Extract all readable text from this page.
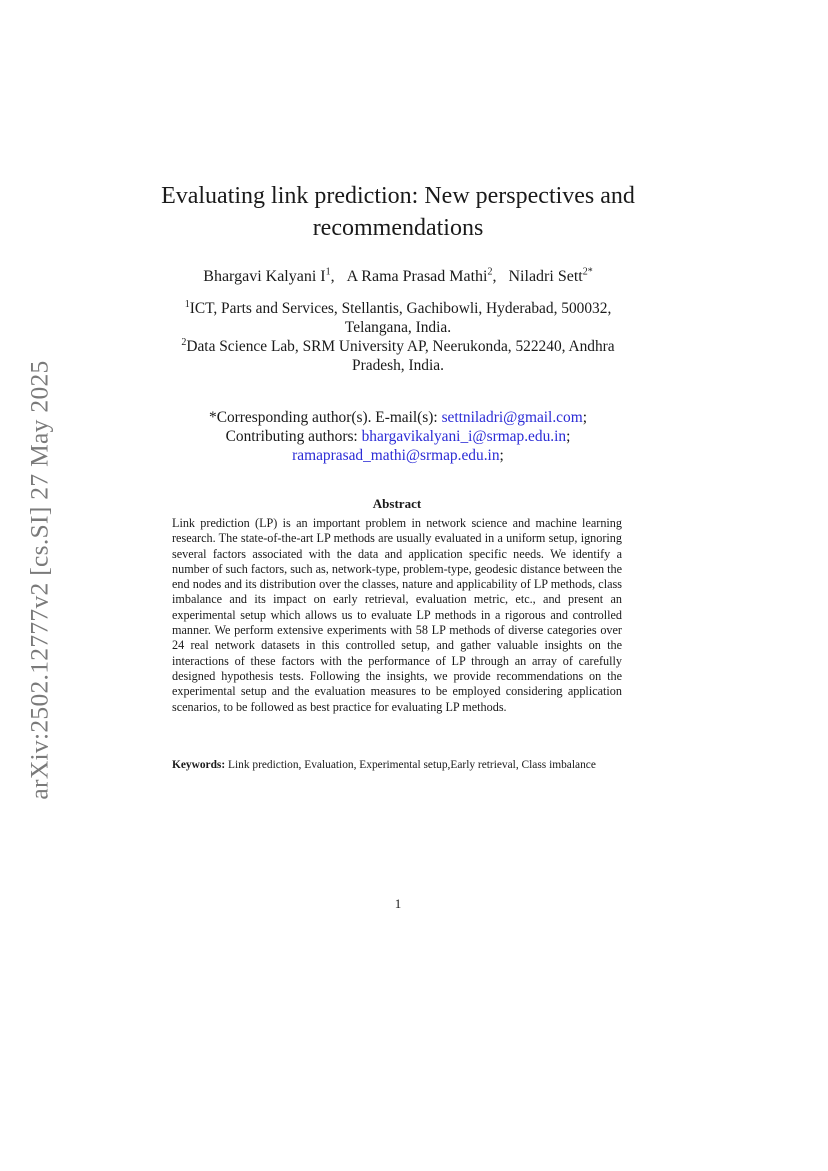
arXiv:2502.12777v2 [cs.SI] 27 May 2025
Evaluating link prediction: New perspectives and recommendations
Bhargavi Kalyani $I^1$, A Rama Prasad Mathi$^2$, Niladri Sett$^{2*}$
$^1$ICT, Parts and Services, Stellantis, Gachibowli, Hyderabad, 500032, Telangana, India.
$^2$Data Science Lab, SRM University AP, Neerukonda, 522240, Andhra Pradesh, India.
*Corresponding author(s). E-mail(s): settniladri@gmail.com;
Contributing authors: bhargavikalyani_i@srmap.edu.in;
ramaprasad_mathi@srmap.edu.in;
Abstract
Link prediction (LP) is an important problem in network science and machine learning research. The state-of-the-art LP methods are usually evaluated in a uniform setup, ignoring several factors associated with the data and application specific needs. We identify a number of such factors, such as, network-type, problem-type, geodesic distance between the end nodes and its distribution over the classes, nature and applicability of LP methods, class imbalance and its impact on early retrieval, evaluation metric, etc., and present an experimental setup which allows us to evaluate LP methods in a rigorous and controlled manner. We perform extensive experiments with 58 LP methods of diverse categories over 24 real network datasets in this controlled setup, and gather valuable insights on the interactions of these factors with the performance of LP through an array of carefully designed hypothesis tests. Following the insights, we provide recommendations on the experimental setup and the evaluation measures to be employed considering application scenarios, to be followed as best practice for evaluating LP methods.
Keywords: Link prediction, Evaluation, Experimental setup,Early retrieval, Class imbalance
1
